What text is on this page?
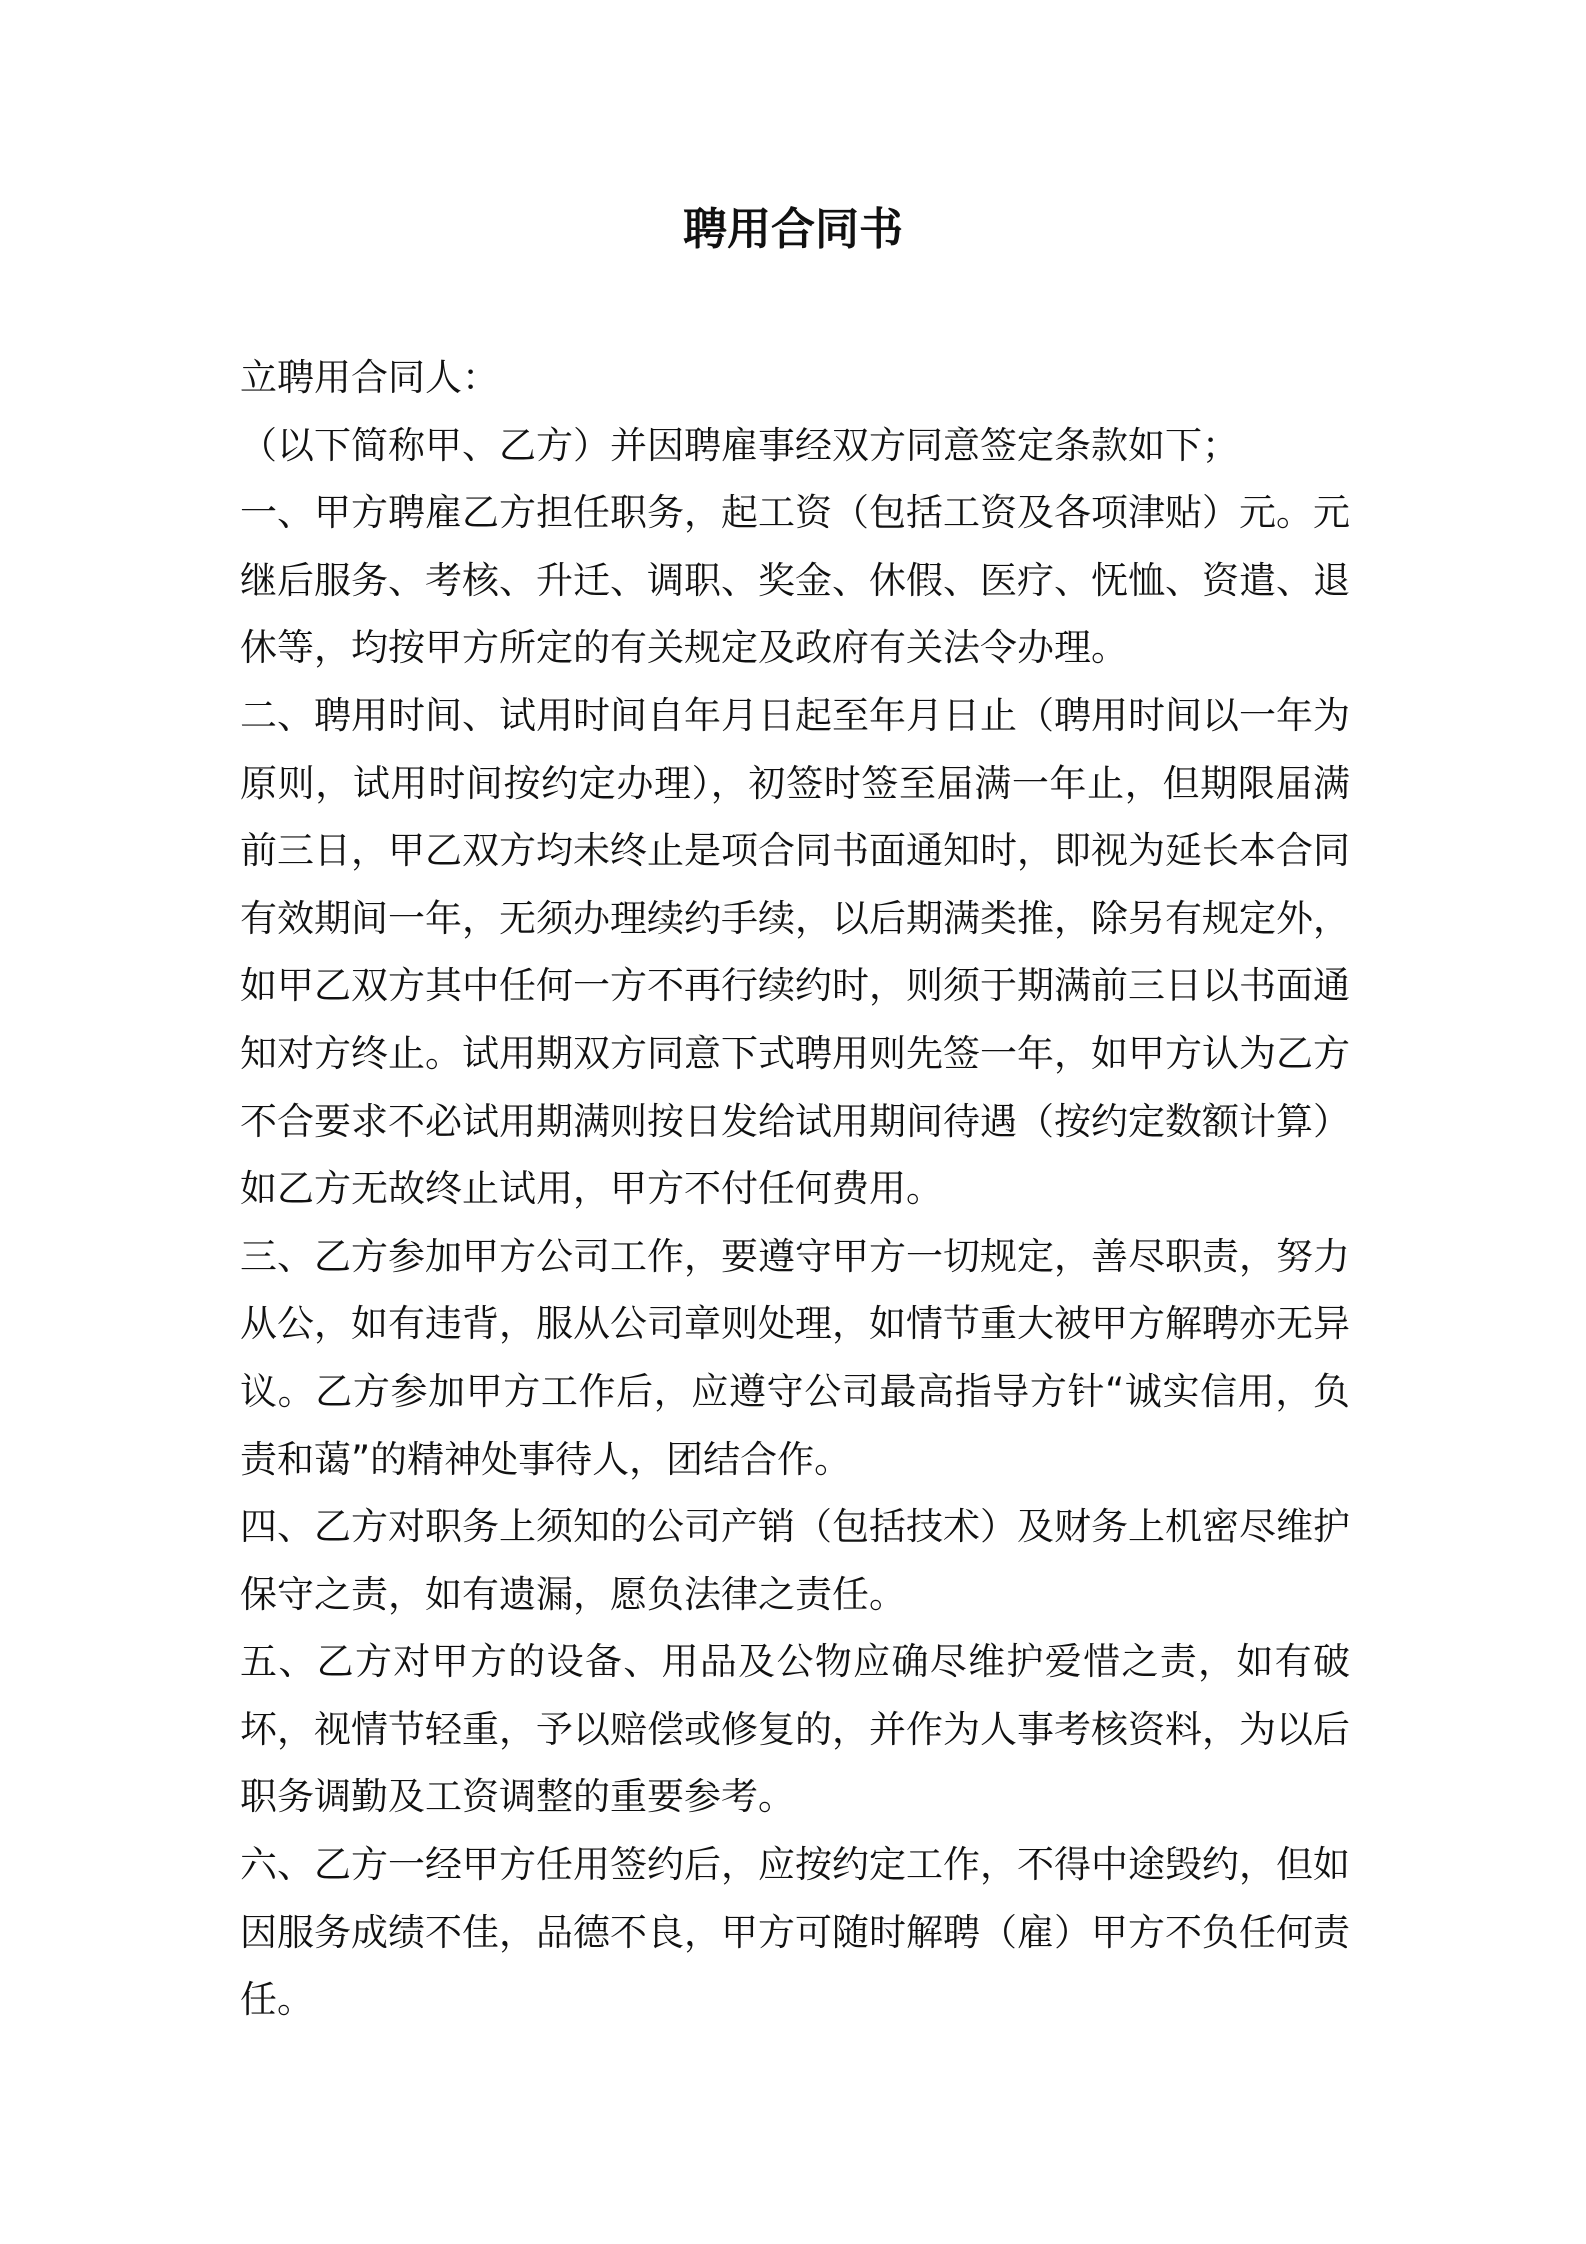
聘用合同书

立聘用合同人：

（以下简称甲、乙方）并因聘雇事经双方同意签定条款如下；

一、甲方聘雇乙方担任职务，起工资（包括工资及各项津贴）元。元继后服务、考核、升迁、调职、奖金、休假、医疗、怃恤、资遣、退休等，均按甲方所定的有关规定及政府有关法令办理。

二、聘用时间、试用时间自年月日起至年月日止（聘用时间以一年为原则，试用时间按约定办理），初签时签至届满一年止，但期限届满前三日，甲乙双方均未终止是项合同书面通知时，即视为延长本合同有效期间一年，无须办理续约手续，以后期满类推，除另有规定外，如甲乙双方其中任何一方不再行续约时，则须于期满前三日以书面通知对方终止。试用期双方同意下式聘用则先签一年，如甲方认为乙方不合要求不必试用期满则按日发给试用期间待遇（按约定数额计算）如乙方无故终止试用，甲方不付任何费用。

三、乙方参加甲方公司工作，要遵守甲方一切规定，善尽职责，努力从公，如有违背，服从公司章则处理，如情节重大被甲方解聘亦无异议。乙方参加甲方工作后，应遵守公司最高指导方针“诚实信用，负责和蔼”的精神处事待人，团结合作。

四、乙方对职务上须知的公司产销（包括技术）及财务上机密尽维护保守之责，如有遗漏，愿负法律之责任。

五、乙方对甲方的设备、用品及公物应确尽维护爱惜之责，如有破坏，视情节轻重，予以赔偿或修复的，并作为人事考核资料，为以后职务调勤及工资调整的重要参考。

六、乙方一经甲方任用签约后，应按约定工作，不得中途毁约，但如因服务成绩不佳，品德不良，甲方可随时解聘（雇）甲方不负任何责任。
